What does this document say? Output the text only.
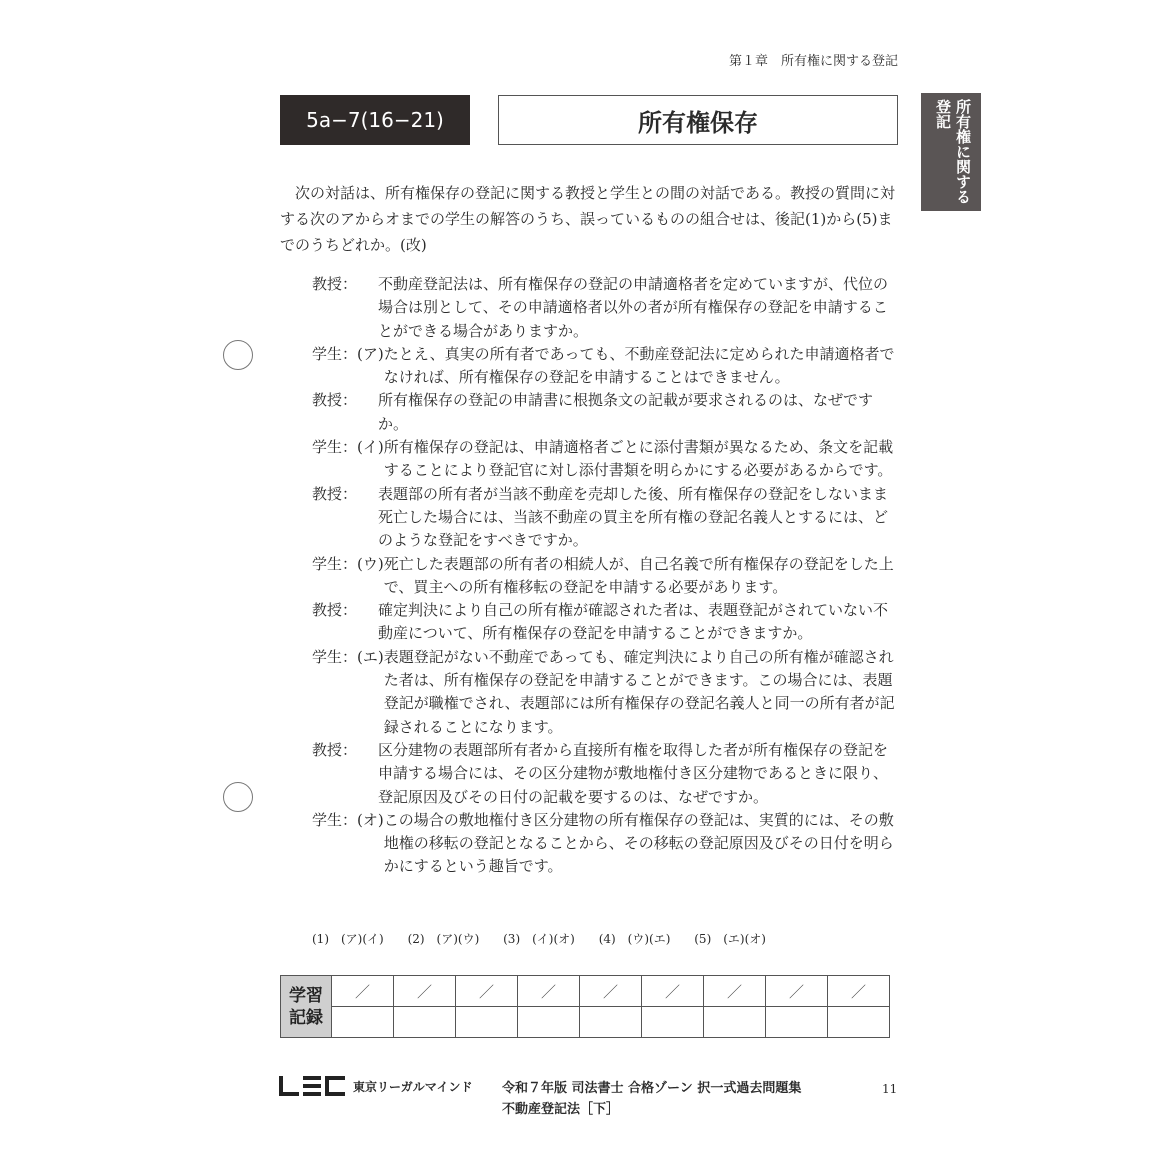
第１章　所有権に関する登記
5a−7(16−21)	所有権保存	所有権に関する登記

次の対話は、所有権保存の登記に関する教授と学生との間の対話である。教授の質問に対する次のアからオまでの学生の解答のうち、誤っているものの組合せは、後記(1)から(5)までのうちどれか。(改)

教授：	不動産登記法は、所有権保存の登記の申請適格者を定めていますが、代位の場合は別として、その申請適格者以外の者が所有権保存の登記を申請することができる場合がありますか。
学生：(ア) たとえ、真実の所有者であっても、不動産登記法に定められた申請適格者でなければ、所有権保存の登記を申請することはできません。
教授：	所有権保存の登記の申請書に根拠条文の記載が要求されるのは、なぜですか。
学生：(イ) 所有権保存の登記は、申請適格者ごとに添付書類が異なるため、条文を記載することにより登記官に対し添付書類を明らかにする必要があるからです。
教授：	表題部の所有者が当該不動産を売却した後、所有権保存の登記をしないまま死亡した場合には、当該不動産の買主を所有権の登記名義人とするには、どのような登記をすべきですか。
学生：(ウ) 死亡した表題部の所有者の相続人が、自己名義で所有権保存の登記をした上で、買主への所有権移転の登記を申請する必要があります。
教授：	確定判決により自己の所有権が確認された者は、表題登記がされていない不動産について、所有権保存の登記を申請することができますか。
学生：(エ) 表題登記がない不動産であっても、確定判決により自己の所有権が確認された者は、所有権保存の登記を申請することができます。この場合には、表題登記が職権でされ、表題部には所有権保存の登記名義人と同一の所有者が記録されることになります。
教授：	区分建物の表題部所有者から直接所有権を取得した者が所有権保存の登記を申請する場合には、その区分建物が敷地権付き区分建物であるときに限り、登記原因及びその日付の記載を要するのは、なぜですか。
学生：(オ) この場合の敷地権付き区分建物の所有権保存の登記は、実質的には、その敷地権の移転の登記となることから、その移転の登記原因及びその日付を明らかにするという趣旨です。
(1)　(ア)(イ) (2)　(ア)(ウ) (3)　(イ)(オ) (4)　(ウ)(エ) (5)　(エ)(オ)
学習
記録	／	／	／	／	／	／	／	／	／

東京リーガルマインド 令和７年版 司法書士 合格ゾーン 択一式過去問題集
不動産登記法［下］
11
